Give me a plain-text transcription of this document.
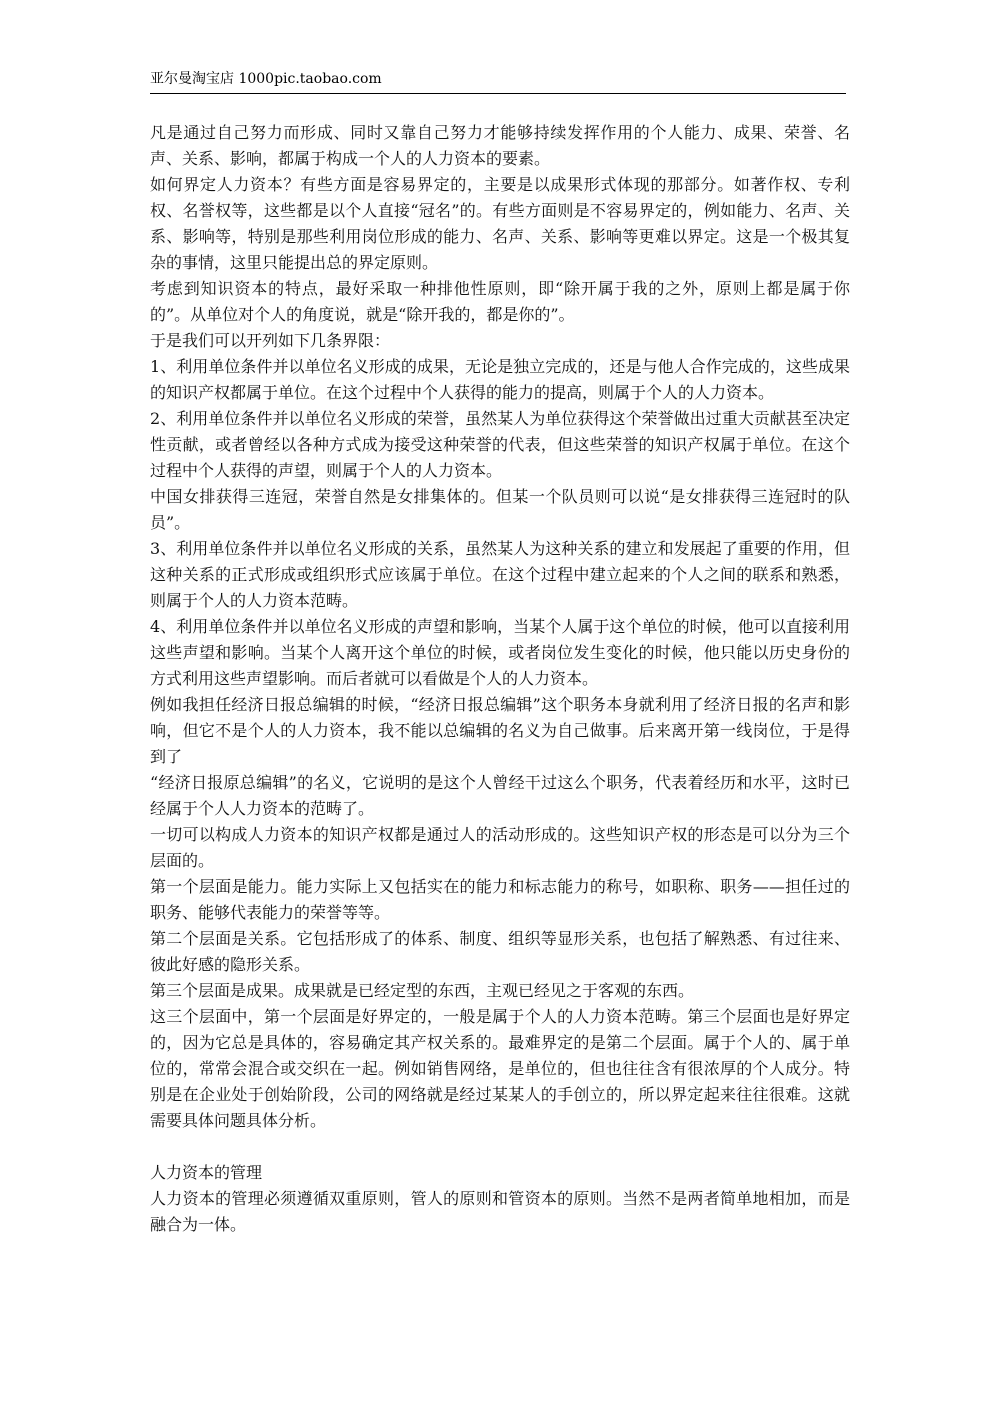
亚尔曼淘宝店 1000pic.taobao.com

凡是通过自己努力而形成、同时又靠自己努力才能够持续发挥作用的个人能力、成果、荣誉、名声、关系、影响，都属于构成一个人的人力资本的要素。

如何界定人力资本？有些方面是容易界定的，主要是以成果形式体现的那部分。如著作权、专利权、名誉权等，这些都是以个人直接“冠名”的。有些方面则是不容易界定的，例如能力、名声、关系、影响等，特别是那些利用岗位形成的能力、名声、关系、影响等更难以界定。这是一个极其复杂的事情，这里只能提出总的界定原则。

考虑到知识资本的特点，最好采取一种排他性原则，即“除开属于我的之外，原则上都是属于你的”。从单位对个人的角度说，就是“除开我的，都是你的”。

于是我们可以开列如下几条界限：

1、利用单位条件并以单位名义形成的成果，无论是独立完成的，还是与他人合作完成的，这些成果的知识产权都属于单位。在这个过程中个人获得的能力的提高，则属于个人的人力资本。

2、利用单位条件并以单位名义形成的荣誉，虽然某人为单位获得这个荣誉做出过重大贡献甚至决定性贡献，或者曾经以各种方式成为接受这种荣誉的代表，但这些荣誉的知识产权属于单位。在这个过程中个人获得的声望，则属于个人的人力资本。

中国女排获得三连冠，荣誉自然是女排集体的。但某一个队员则可以说“是女排获得三连冠时的队员”。

3、利用单位条件并以单位名义形成的关系，虽然某人为这种关系的建立和发展起了重要的作用，但这种关系的正式形成或组织形式应该属于单位。在这个过程中建立起来的个人之间的联系和熟悉，则属于个人的人力资本范畴。

4、利用单位条件并以单位名义形成的声望和影响，当某个人属于这个单位的时候，他可以直接利用这些声望和影响。当某个人离开这个单位的时候，或者岗位发生变化的时候，他只能以历史身份的方式利用这些声望影响。而后者就可以看做是个人的人力资本。

例如我担任经济日报总编辑的时候，“经济日报总编辑”这个职务本身就利用了经济日报的名声和影响，但它不是个人的人力资本，我不能以总编辑的名义为自己做事。后来离开第一线岗位，于是得到了

“经济日报原总编辑”的名义，它说明的是这个人曾经干过这么个职务，代表着经历和水平，这时已经属于个人人力资本的范畴了。

一切可以构成人力资本的知识产权都是通过人的活动形成的。这些知识产权的形态是可以分为三个层面的。

第一个层面是能力。能力实际上又包括实在的能力和标志能力的称号，如职称、职务——担任过的职务、能够代表能力的荣誉等等。

第二个层面是关系。它包括形成了的体系、制度、组织等显形关系，也包括了解熟悉、有过往来、彼此好感的隐形关系。

第三个层面是成果。成果就是已经定型的东西，主观已经见之于客观的东西。

这三个层面中，第一个层面是好界定的，一般是属于个人的人力资本范畴。第三个层面也是好界定的，因为它总是具体的，容易确定其产权关系的。最难界定的是第二个层面。属于个人的、属于单位的，常常会混合或交织在一起。例如销售网络，是单位的，但也往往含有很浓厚的个人成分。特别是在企业处于创始阶段，公司的网络就是经过某某人的手创立的，所以界定起来往往很难。这就需要具体问题具体分析。

人力资本的管理

人力资本的管理必须遵循双重原则，管人的原则和管资本的原则。当然不是两者简单地相加，而是融合为一体。
